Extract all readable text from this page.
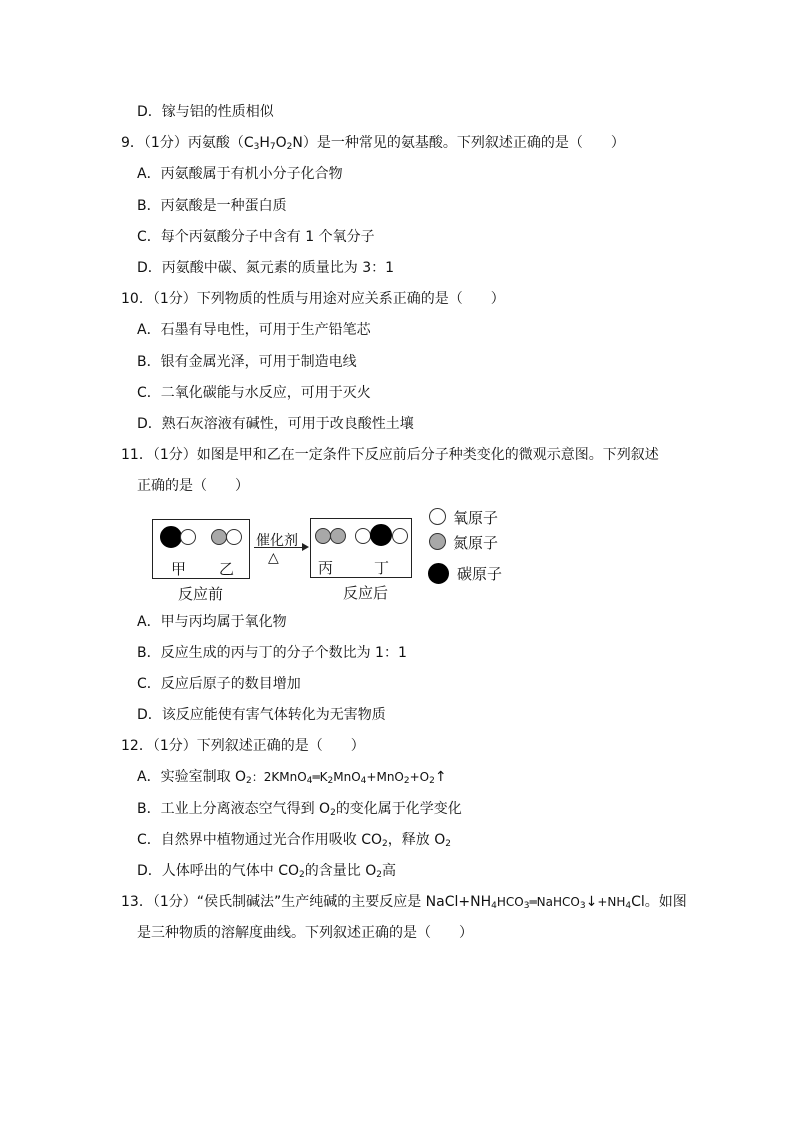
D．镓与铝的性质相似
9．（1分）丙氨酸$(C_3H_7O_2N)$是一种常见的氨基酸。下列叙述正确的是（　　）
A．丙氨酸属于有机小分子化合物
B．丙氨酸是一种蛋白质
C．每个丙氨酸分子中含有 1 个氧分子
D．丙氨酸中碳、氮元素的质量比为 3：1
10．（1分）下列物质的性质与用途对应关系正确的是（　　）
A．石墨有导电性，可用于生产铅笔芯
B．银有金属光泽，可用于制造电线
C．二氧化碳能与水反应，可用于灭火
D．熟石灰溶液有碱性，可用于改良酸性土壤
11．（1分）如图是甲和乙在一定条件下反应前后分子种类变化的微观示意图。下列叙述
正确的是（　　）
甲 乙
反应前
催化剂
△
丙	丁
反应后
氧原子
氮原子
碳原子
A．甲与丙均属于氧化物
B．反应生成的丙与丁的分子个数比为 1：1
C．反应后原子的数目增加
D．该反应能使有害气体转化为无害物质
12．（1分）下列叙述正确的是（　　）
A．实验室制取 $O_2$：$2KMnO_4═K_2MnO_4+MnO_2+O_2↑$
B．工业上分离液态空气得到 $O_2$的变化属于化学变化
C．自然界中植物通过光合作用吸收 $CO_2$，释放 $O_2$
D．人体呼出的气体中 $CO_2$的含量比 $O_2$高
13．（1分）“侯氏制碱法”生产纯碱的主要反应是 $NaCl+NH_4HCO_3═NaHCO_3↓+NH_4Cl$。如图
是三种物质的溶解度曲线。下列叙述正确的是（　　）
